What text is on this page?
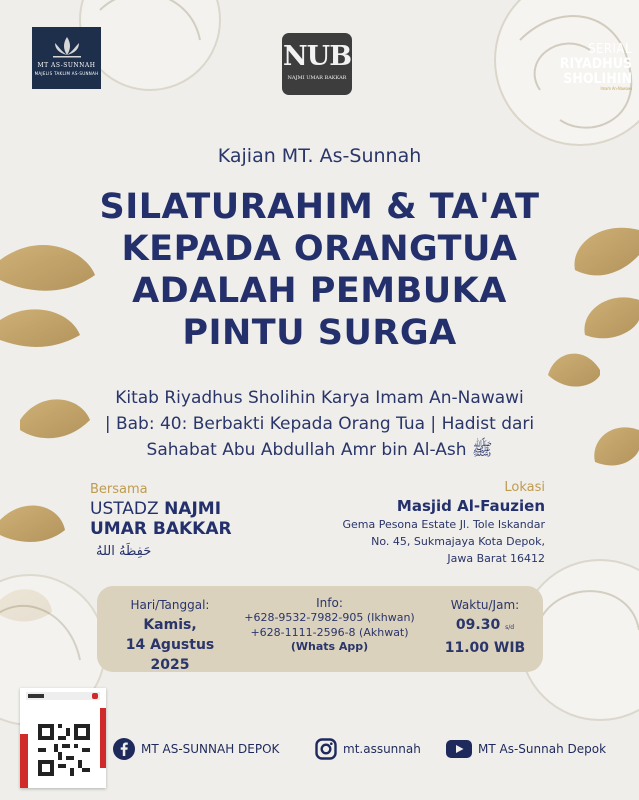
MT AS-SUNNAH
MAJELIS TAKLIM AS-SUNNAH
NUB
NAJMI UMAR BAKKAR
SERIAL
RIYADHUS
SHOLIHIN
Imam An-Nawawi
Kajian MT. As-Sunnah
SILATURAHIM & TA'AT
KEPADA ORANGTUA
ADALAH PEMBUKA
PINTU SURGA
Kitab Riyadhus Sholihin Karya Imam An-Nawawi
| Bab: 40: Berbakti Kepada Orang Tua | Hadist dari
Sahabat Abu Abdullah Amr bin Al-Ash ﷺ
Bersama
USTADZ NAJMI
UMAR BAKKAR
حَفِظَهُ اللهُ
Lokasi
Masjid Al-Fauzien
Gema Pesona Estate Jl. Tole Iskandar
No. 45, Sukmajaya Kota Depok,
Jawa Barat 16412
Hari/Tanggal:
Kamis,
14 Agustus 2025
Info:
+628-9532-7982-905 (Ikhwan)
+628-1111-2596-8 (Akhwat)
(Whats App)
Waktu/Jam:
09.30 s/d
11.00 WIB
MT AS-SUNNAH DEPOK	mt.assunnah	MT As-Sunnah Depok
